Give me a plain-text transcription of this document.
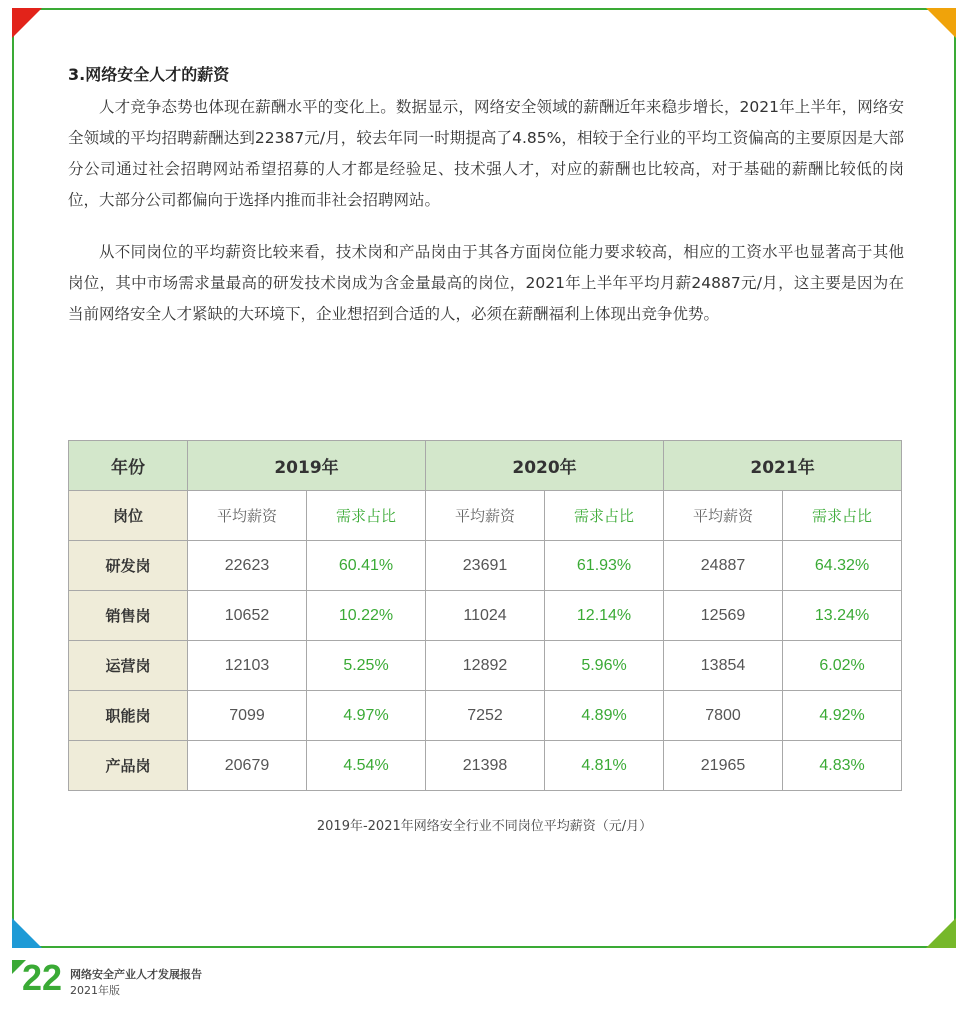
3.网络安全人才的薪资

人才竞争态势也体现在薪酬水平的变化上。数据显示，网络安全领域的薪酬近年来稳步增长，2021年上半年，网络安全领域的平均招聘薪酬达到22387元/月，较去年同一时期提高了4.85%，相较于全行业的平均工资偏高的主要原因是大部分公司通过社会招聘网站希望招募的人才都是经验足、技术强人才，对应的薪酬也比较高，对于基础的薪酬比较低的岗位，大部分公司都偏向于选择内推而非社会招聘网站。

从不同岗位的平均薪资比较来看，技术岗和产品岗由于其各方面岗位能力要求较高，相应的工资水平也显著高于其他岗位，其中市场需求量最高的研发技术岗成为含金量最高的岗位，2021年上半年平均月薪24887元/月，这主要是因为在当前网络安全人才紧缺的大环境下，企业想招到合适的人，必须在薪酬福利上体现出竞争优势。

年份	2019年		2020年		2021年	
岗位	平均薪资	需求占比	平均薪资	需求占比	平均薪资	需求占比
研发岗	22623	60.41%	23691	61.93%	24887	64.32%
销售岗	10652	10.22%	11024	12.14%	12569	13.24%
运营岗	12103	5.25%	12892	5.96%	13854	6.02%
职能岗	7099	4.97%	7252	4.89%	7800	4.92%
产品岗	20679	4.54%	21398	4.81%	21965	4.83%

2019年-2021年网络安全行业不同岗位平均薪资（元/月）

22 网络安全产业人才发展报告
2021年版
